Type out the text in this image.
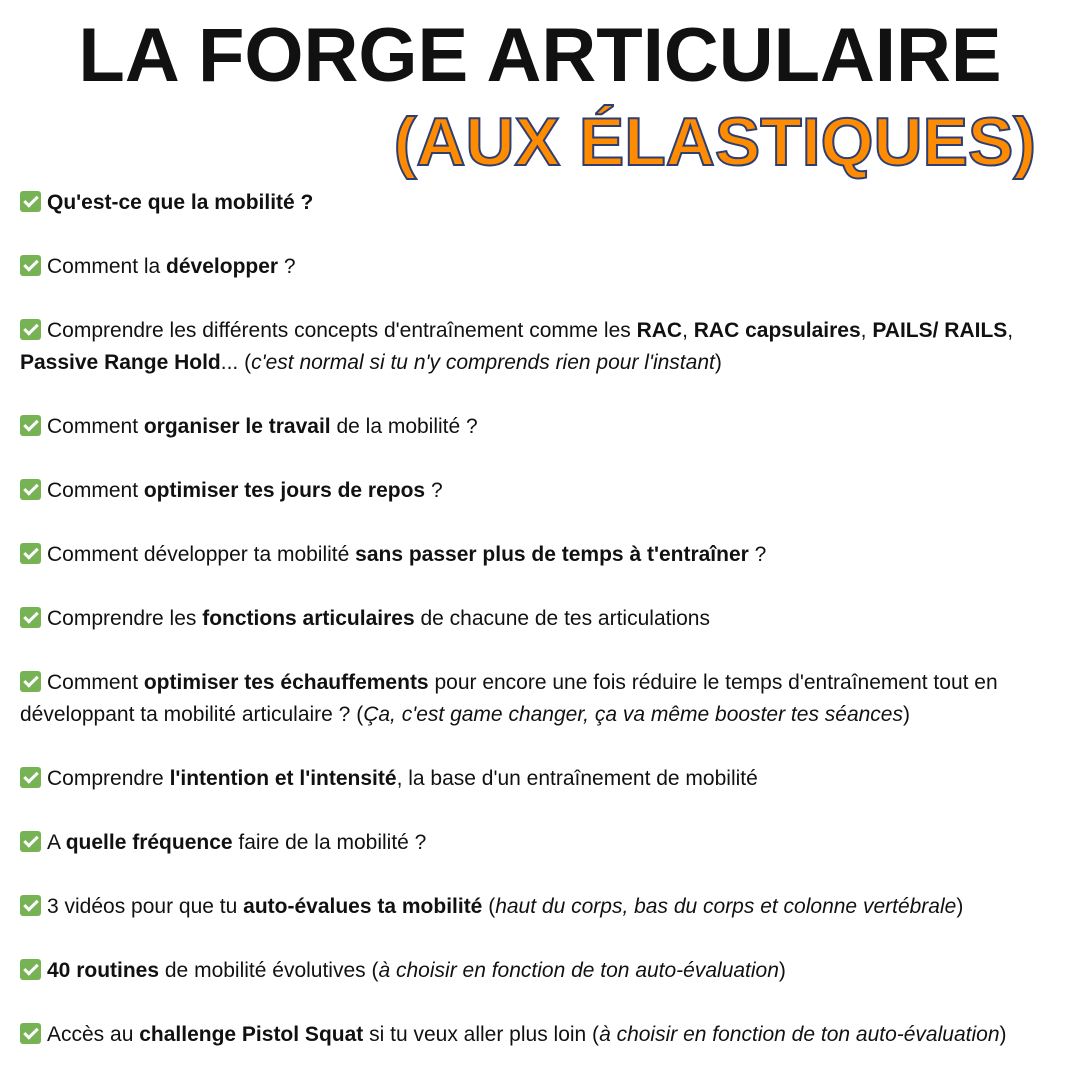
LA FORGE ARTICULAIRE
(AUX ÉLASTIQUES)
Qu'est-ce que la mobilité ?
Comment la développer ?
Comprendre les différents concepts d'entraînement comme les RAC, RAC capsulaires, PAILS/ RAILS, Passive Range Hold... (c'est normal si tu n'y comprends rien pour l'instant)
Comment organiser le travail de la mobilité ?
Comment optimiser tes jours de repos ?
Comment développer ta mobilité sans passer plus de temps à t'entraîner ?
Comprendre les fonctions articulaires de chacune de tes articulations
Comment optimiser tes échauffements pour encore une fois réduire le temps d'entraînement tout en développant ta mobilité articulaire ? (Ça, c'est game changer, ça va même booster tes séances)
Comprendre l'intention et l'intensité, la base d'un entraînement de mobilité
A quelle fréquence faire de la mobilité ?
3 vidéos pour que tu auto-évalues ta mobilité (haut du corps, bas du corps et colonne vertébrale)
40 routines de mobilité évolutives (à choisir en fonction de ton auto-évaluation)
Accès au challenge Pistol Squat si tu veux aller plus loin (à choisir en fonction de ton auto-évaluation)
